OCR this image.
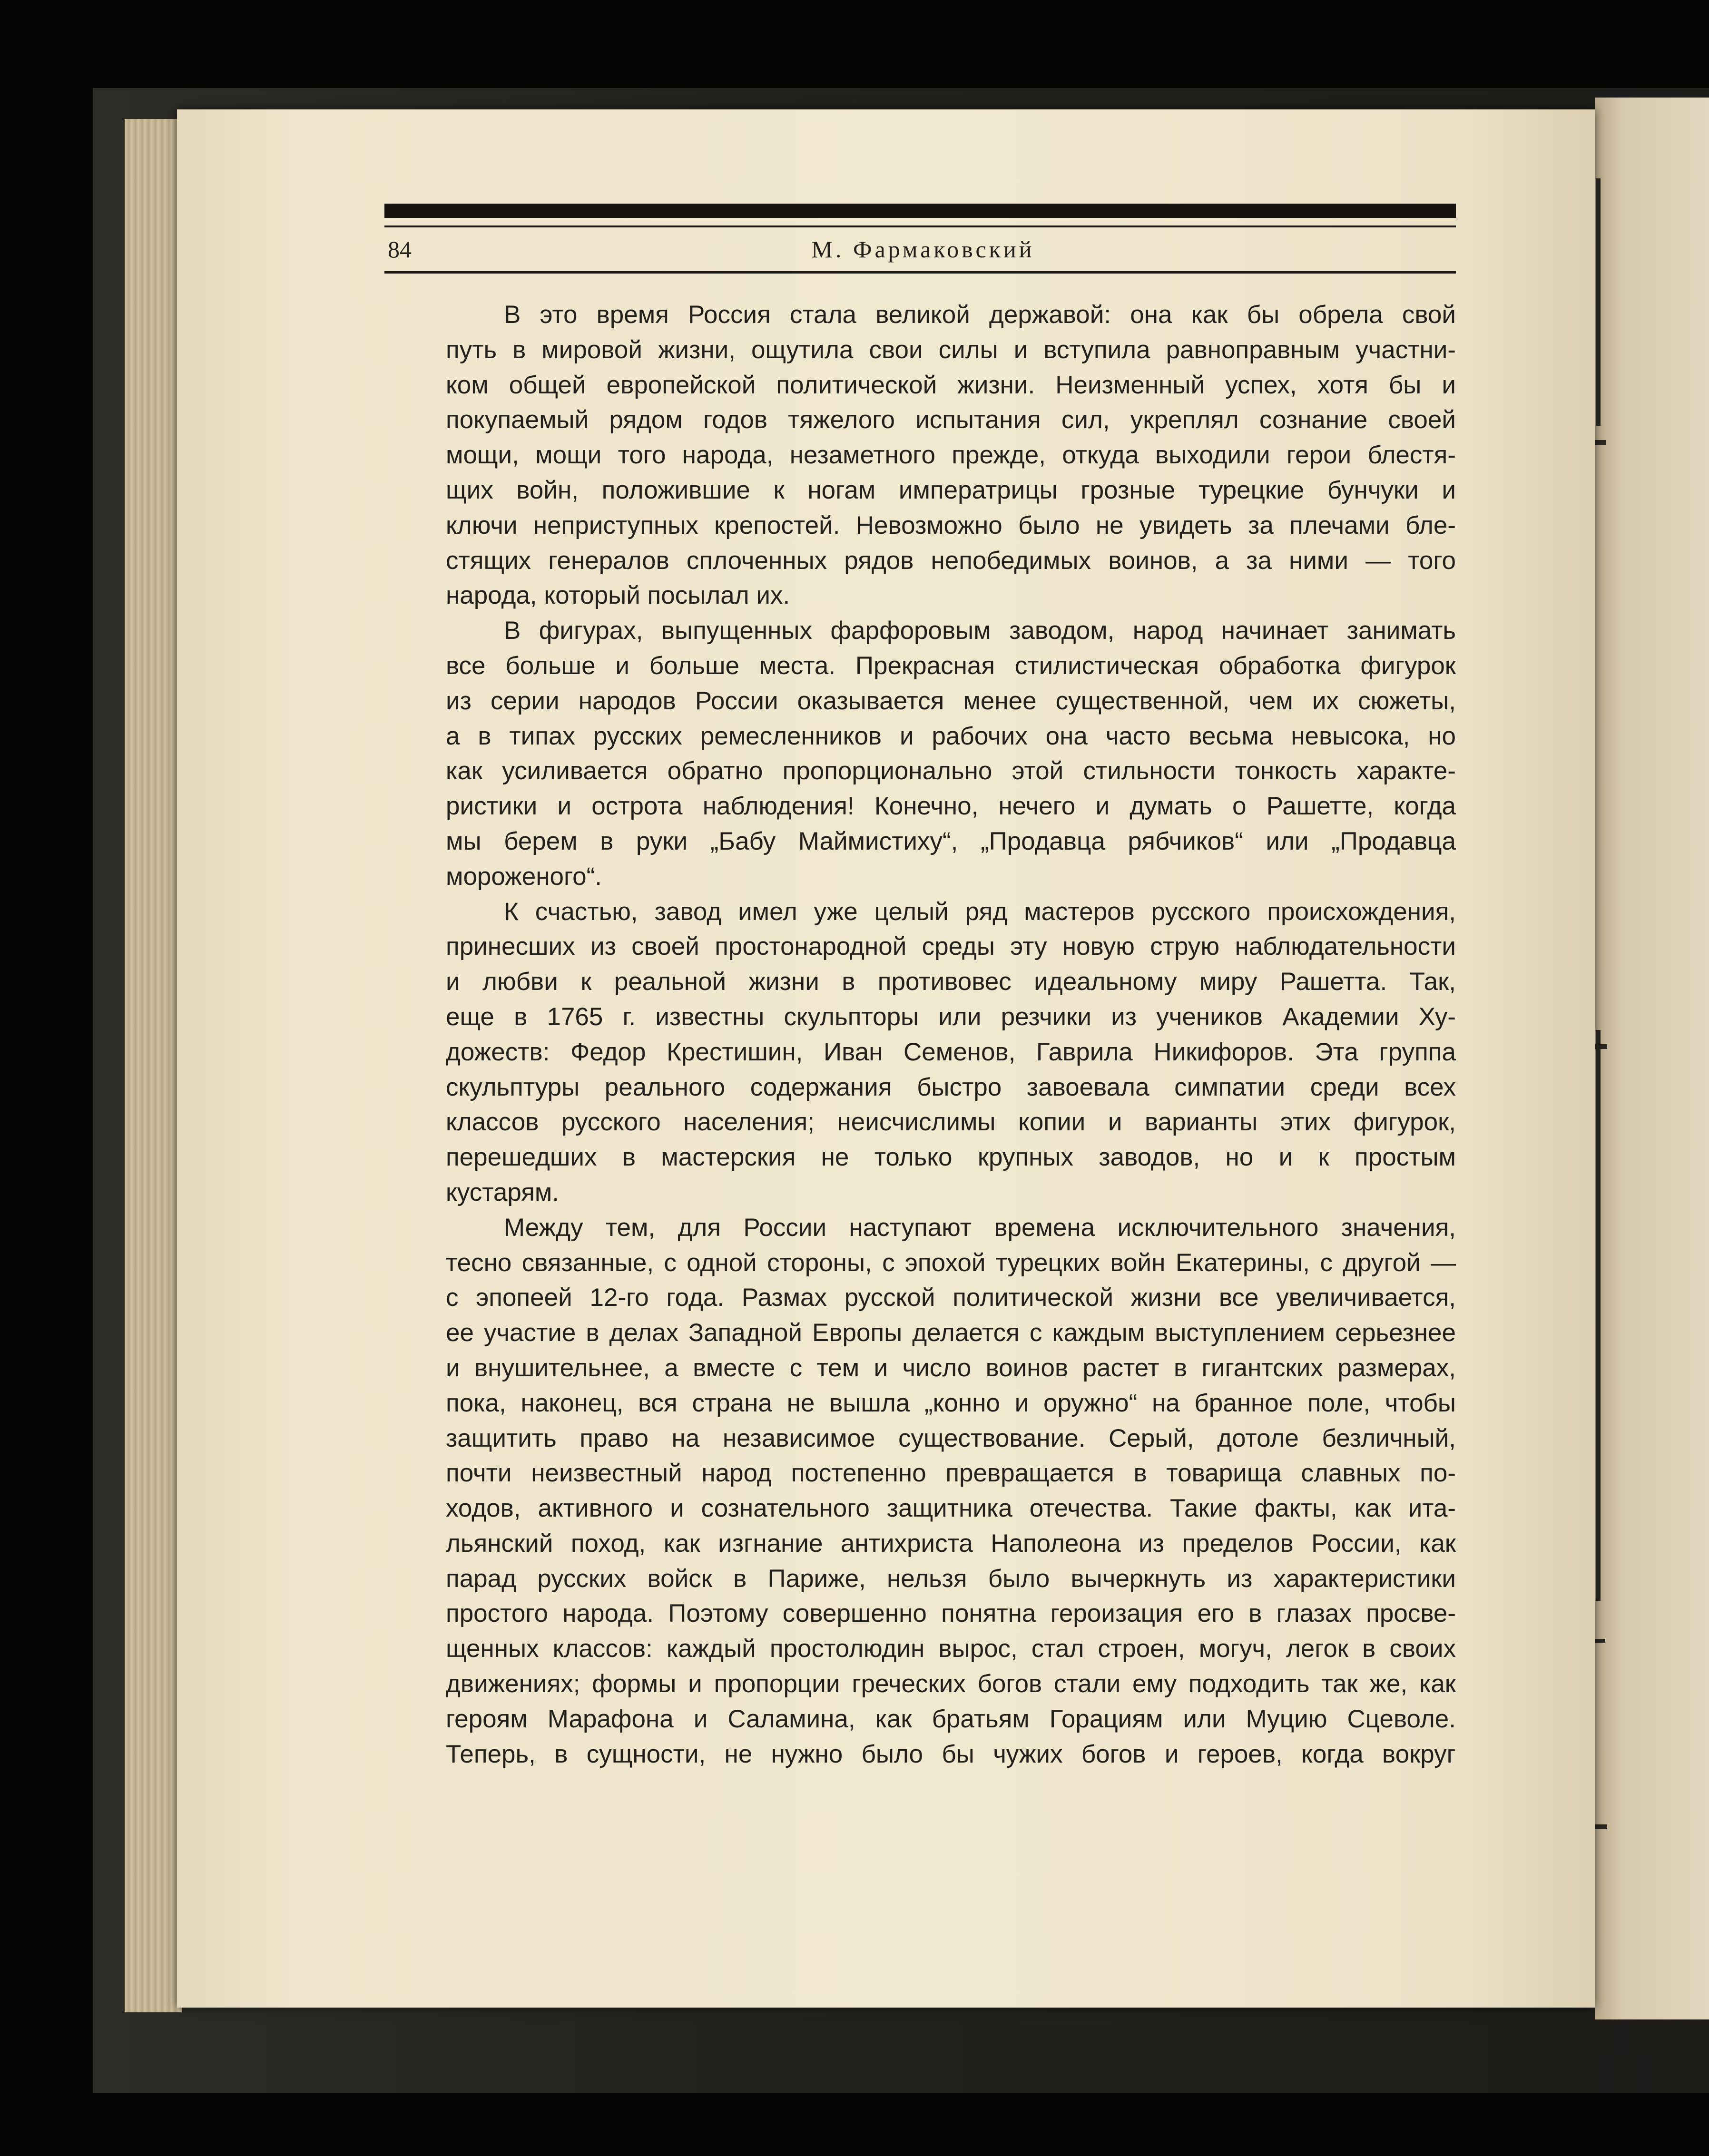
84	М. Фармаковский

В это время Россия стала великой державой: она как бы обрела свой
путь в мировой жизни, ощутила свои силы и вступила равноправным участни-
ком общей европейской политической жизни. Неизменный успех, хотя бы и
покупаемый рядом годов тяжелого испытания сил, укреплял сознание своей
мощи, мощи того народа, незаметного прежде, откуда выходили герои блестя-
щих войн, положившие к ногам императрицы грозные турецкие бунчуки и
ключи неприступных крепостей. Невозможно было не увидеть за плечами бле-
стящих генералов сплоченных рядов непобедимых воинов, а за ними — того
народа, который посылал их.

В фигурах, выпущенных фарфоровым заводом, народ начинает занимать
все больше и больше места. Прекрасная стилистическая обработка фигурок
из серии народов России оказывается менее существенной, чем их сюжеты,
а в типах русских ремесленников и рабочих она часто весьма невысока, но
как усиливается обратно пропорционально этой стильности тонкость характе-
ристики и острота наблюдения! Конечно, нечего и думать о Рашетте, когда
мы берем в руки „Бабу Маймистиху“, „Продавца рябчиков“ или „Продавца
мороженого“.

К счастью, завод имел уже целый ряд мастеров русского происхождения,
принесших из своей простонародной среды эту новую струю наблюдательности
и любви к реальной жизни в противовес идеальному миру Рашетта. Так,
еще в 1765 г. известны скульпторы или резчики из учеников Академии Ху-
дожеств: Федор Крестишин, Иван Семенов, Гаврила Никифоров. Эта группа
скульптуры реального содержания быстро завоевала симпатии среди всех
классов русского населения; неисчислимы копии и варианты этих фигурок,
перешедших в мастерския не только крупных заводов, но и к простым
кустарям.

Между тем, для России наступают времена исключительного значения,
тесно связанные, с одной стороны, с эпохой турецких войн Екатерины, с другой —
с эпопеей 12-го года. Размах русской политической жизни все увеличивается,
ее участие в делах Западной Европы делается с каждым выступлением серьезнее
и внушительнее, а вместе с тем и число воинов растет в гигантских размерах,
пока, наконец, вся страна не вышла „конно и оружно“ на бранное поле, чтобы
защитить право на независимое существование. Серый, дотоле безличный,
почти неизвестный народ постепенно превращается в товарища славных по-
ходов, активного и сознательного защитника отечества. Такие факты, как ита-
льянский поход, как изгнание антихриста Наполеона из пределов России, как
парад русских войск в Париже, нельзя было вычеркнуть из характеристики
простого народа. Поэтому совершенно понятна героизация его в глазах просве-
щенных классов: каждый простолюдин вырос, стал строен, могуч, легок в своих
движениях; формы и пропорции греческих богов стали ему подходить так же, как
героям Марафона и Саламина, как братьям Горациям или Муцию Сцеволе.
Теперь, в сущности, не нужно было бы чужих богов и героев, когда вокруг
